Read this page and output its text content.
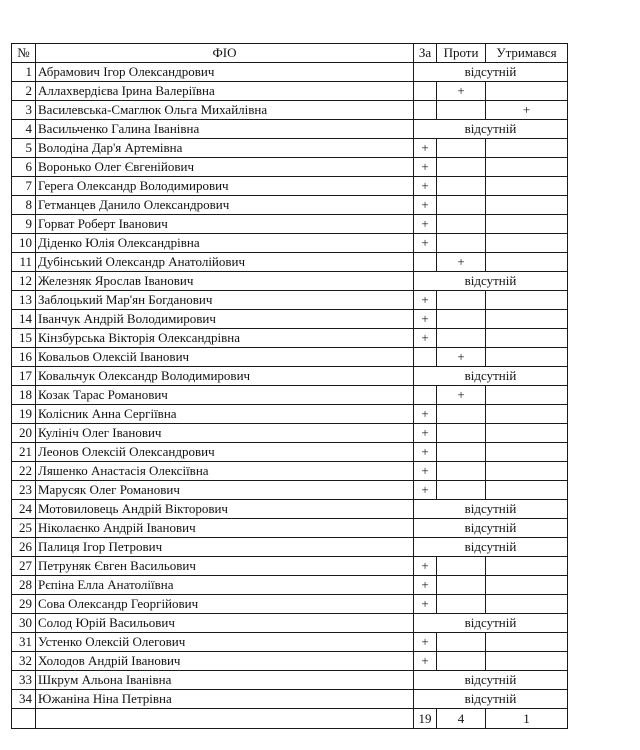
№	ФІО	За	Проти	Утримався
1	Абрамович Ігор Олександрович	відсутній		
2	Аллахвердієва Ірина Валеріївна		+	
3	Василевська-Смаглюк Ольга Михайлівна			+
4	Васильченко Галина Іванівна	відсутній		
5	Володіна Дар'я Артемівна	+		
6	Воронько Олег Євгенійович	+		
7	Герега Олександр Володимирович	+		
8	Гетманцев Данило Олександрович	+		
9	Горват Роберт Іванович	+		
10	Діденко Юлія Олександрівна	+		
11	Дубінський Олександр Анатолійович		+	
12	Железняк Ярослав Іванович	відсутній		
13	Заблоцький Мар'ян Богданович	+		
14	Іванчук Андрій Володимирович	+		
15	Кінзбурська Вікторія Олександрівна	+		
16	Ковальов Олексій Іванович		+	
17	Ковальчук Олександр Володимирович	відсутній		
18	Козак Тарас Романович		+	
19	Колісник Анна Сергіївна	+		
20	Кулініч Олег Іванович	+		
21	Леонов Олексій Олександрович	+		
22	Ляшенко Анастасія Олексіївна	+		
23	Марусяк Олег Романович	+		
24	Мотовиловець Андрій Вікторович	відсутній		
25	Ніколаєнко Андрій Іванович	відсутній		
26	Палиця Ігор Петрович	відсутній		
27	Петруняк Євген Васильович	+		
28	Рєпіна Елла Анатоліївна	+		
29	Сова Олександр Георгійович	+		
30	Солод Юрій Васильович	відсутній		
31	Устенко Олексій Олегович	+		
32	Холодов Андрій Іванович	+		
33	Шкрум Альона Іванівна	відсутній		
34	Южаніна Ніна Петрівна	відсутній		
		19	4	1
